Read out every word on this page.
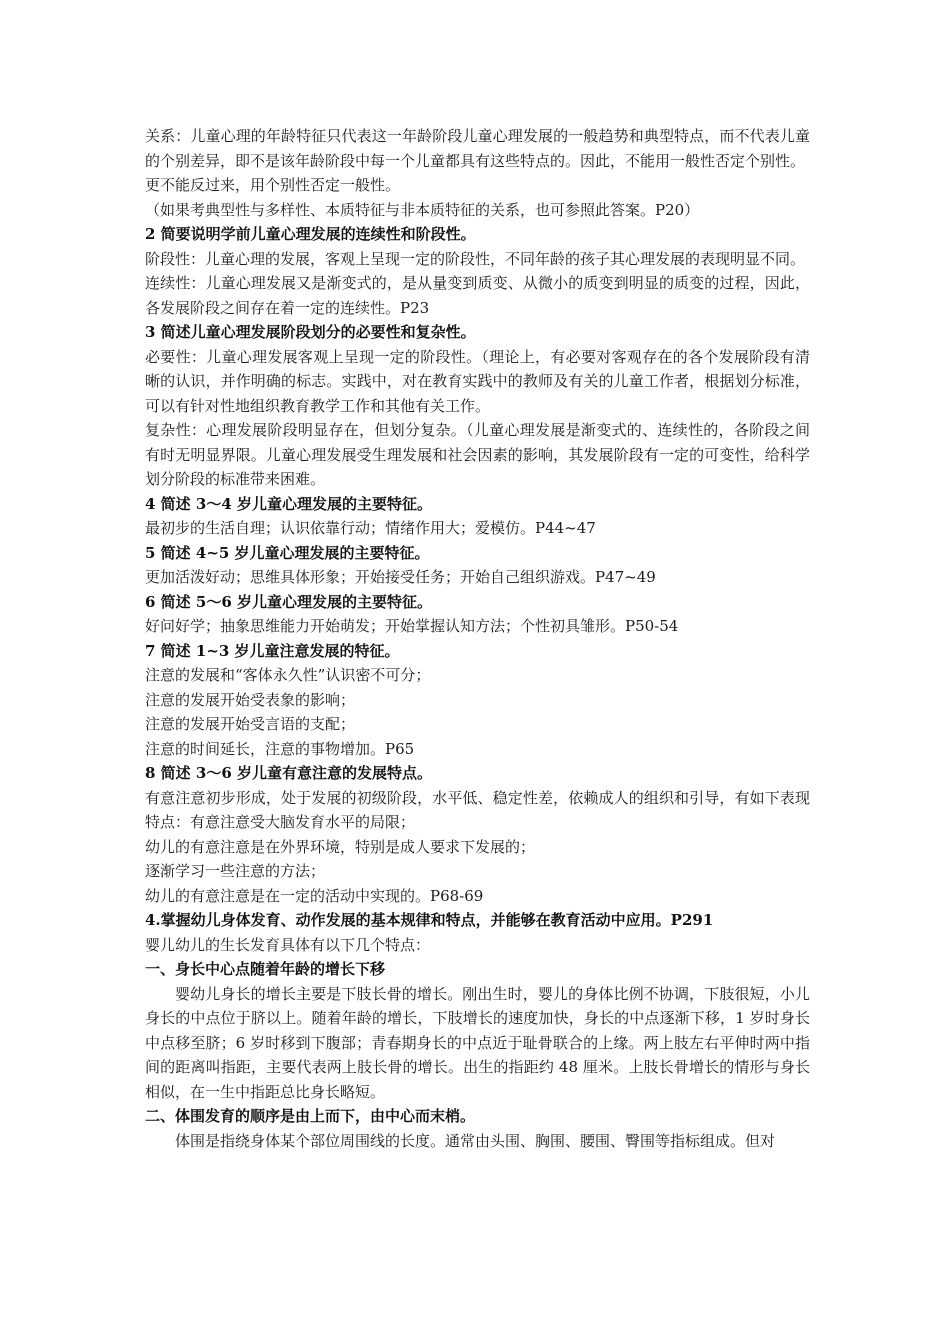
关系：儿童心理的年龄特征只代表这一年龄阶段儿童心理发展的一般趋势和典型特点，而不代表儿童的个别差异，即不是该年龄阶段中每一个儿童都具有这些特点的。因此，不能用一般性否定个别性。

更不能反过来，用个别性否定一般性。

（如果考典型性与多样性、本质特征与非本质特征的关系，也可参照此答案。P20）

2 简要说明学前儿童心理发展的连续性和阶段性。

阶段性：儿童心理的发展，客观上呈现一定的阶段性，不同年龄的孩子其心理发展的表现明显不同。

连续性：儿童心理发展又是渐变式的，是从量变到质变、从微小的质变到明显的质变的过程，因此，各发展阶段之间存在着一定的连续性。P23

3 简述儿童心理发展阶段划分的必要性和复杂性。

必要性：儿童心理发展客观上呈现一定的阶段性。（理论上，有必要对客观存在的各个发展阶段有清晰的认识，并作明确的标志。实践中，对在教育实践中的教师及有关的儿童工作者，根据划分标准，可以有针对性地组织教育教学工作和其他有关工作。

复杂性：心理发展阶段明显存在，但划分复杂。（儿童心理发展是渐变式的、连续性的，各阶段之间有时无明显界限。儿童心理发展受生理发展和社会因素的影响，其发展阶段有一定的可变性，给科学划分阶段的标准带来困难。

4 简述 3～4 岁儿童心理发展的主要特征。

最初步的生活自理；认识依靠行动；情绪作用大；爱模仿。P44~47

5 简述 4~5 岁儿童心理发展的主要特征。

更加活泼好动；思维具体形象；开始接受任务；开始自己组织游戏。P47~49

6 简述 5～6 岁儿童心理发展的主要特征。

好问好学；抽象思维能力开始萌发；开始掌握认知方法；个性初具雏形。P50-54

7 简述 1~3 岁儿童注意发展的特征。

注意的发展和“客体永久性”认识密不可分；

注意的发展开始受表象的影响；

注意的发展开始受言语的支配；

注意的时间延长，注意的事物增加。P65

8 简述 3～6 岁儿童有意注意的发展特点。

有意注意初步形成，处于发展的初级阶段，水平低、稳定性差，依赖成人的组织和引导，有如下表现特点：有意注意受大脑发育水平的局限；

幼儿的有意注意是在外界环境，特别是成人要求下发展的；

逐渐学习一些注意的方法；

幼儿的有意注意是在一定的活动中实现的。P68-69

4.掌握幼儿身体发育、动作发展的基本规律和特点，并能够在教育活动中应用。P291

婴儿幼儿的生长发育具体有以下几个特点：

一、身长中心点随着年龄的增长下移

婴幼儿身长的增长主要是下肢长骨的增长。刚出生时，婴儿的身体比例不协调，下肢很短，小儿身长的中点位于脐以上。随着年龄的增长，下肢增长的速度加快，身长的中点逐渐下移，1 岁时身长中点移至脐；6 岁时移到下腹部；青春期身长的中点近于耻骨联合的上缘。两上肢左右平伸时两中指间的距离叫指距，主要代表两上肢长骨的增长。出生的指距约 48 厘米。上肢长骨增长的情形与身长相似，在一生中指距总比身长略短。

二、体围发育的顺序是由上而下，由中心而末梢。

体围是指绕身体某个部位周围线的长度。通常由头围、胸围、腰围、臀围等指标组成。但对
